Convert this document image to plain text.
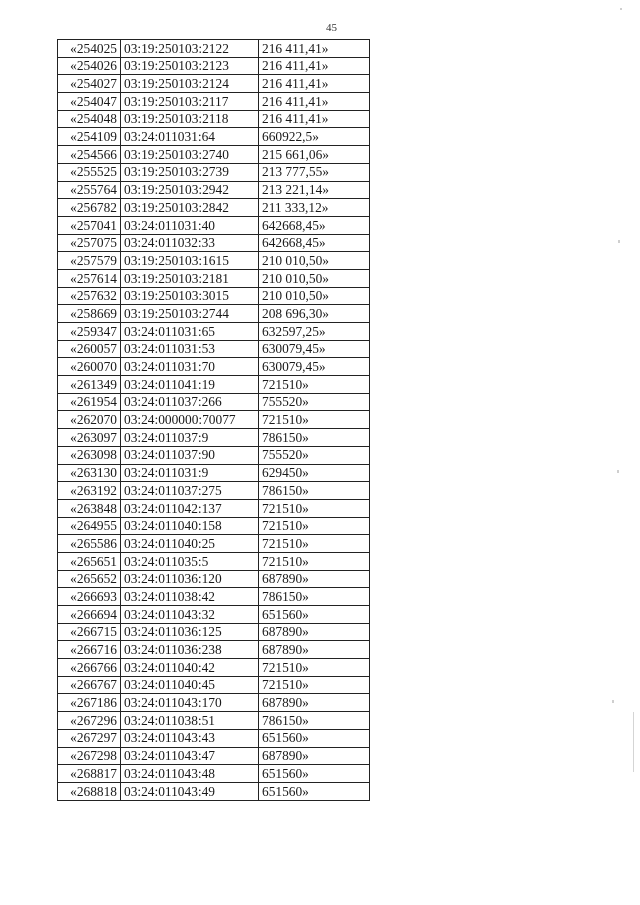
45
«254025	03:19:250103:2122	216 411,41»
«254026	03:19:250103:2123	216 411,41»
«254027	03:19:250103:2124	216 411,41»
«254047	03:19:250103:2117	216 411,41»
«254048	03:19:250103:2118	216 411,41»
«254109	03:24:011031:64	660922,5»
«254566	03:19:250103:2740	215 661,06»
«255525	03:19:250103:2739	213 777,55»
«255764	03:19:250103:2942	213 221,14»
«256782	03:19:250103:2842	211 333,12»
«257041	03:24:011031:40	642668,45»
«257075	03:24:011032:33	642668,45»
«257579	03:19:250103:1615	210 010,50»
«257614	03:19:250103:2181	210 010,50»
«257632	03:19:250103:3015	210 010,50»
«258669	03:19:250103:2744	208 696,30»
«259347	03:24:011031:65	632597,25»
«260057	03:24:011031:53	630079,45»
«260070	03:24:011031:70	630079,45»
«261349	03:24:011041:19	721510»
«261954	03:24:011037:266	755520»
«262070	03:24:000000:70077	721510»
«263097	03:24:011037:9	786150»
«263098	03:24:011037:90	755520»
«263130	03:24:011031:9	629450»
«263192	03:24:011037:275	786150»
«263848	03:24:011042:137	721510»
«264955	03:24:011040:158	721510»
«265586	03:24:011040:25	721510»
«265651	03:24:011035:5	721510»
«265652	03:24:011036:120	687890»
«266693	03:24:011038:42	786150»
«266694	03:24:011043:32	651560»
«266715	03:24:011036:125	687890»
«266716	03:24:011036:238	687890»
«266766	03:24:011040:42	721510»
«266767	03:24:011040:45	721510»
«267186	03:24:011043:170	687890»
«267296	03:24:011038:51	786150»
«267297	03:24:011043:43	651560»
«267298	03:24:011043:47	687890»
«268817	03:24:011043:48	651560»
«268818	03:24:011043:49	651560»
